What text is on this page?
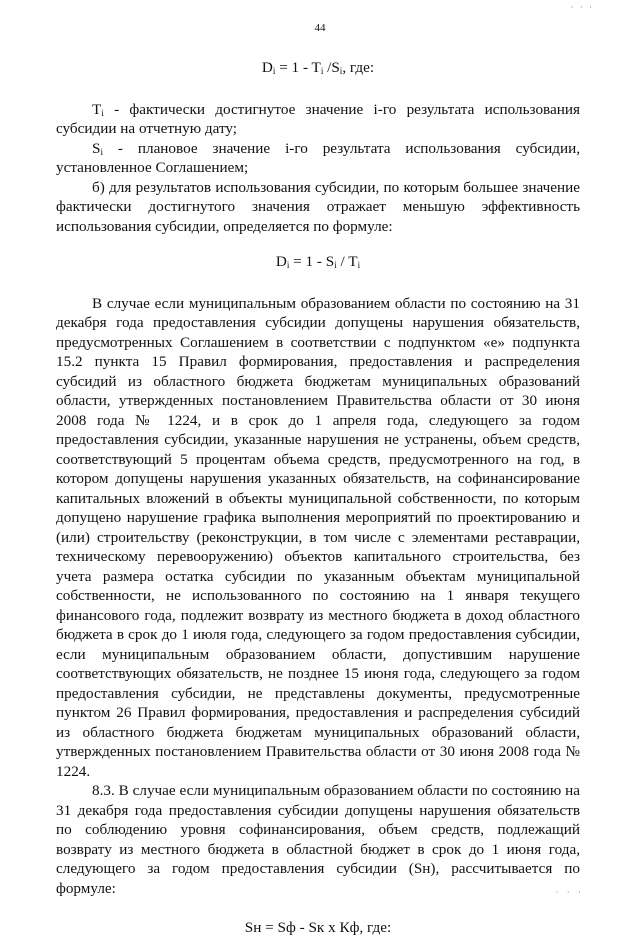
· · ·
44
$D_i = 1 - T_i$ $/S_i$, где:

$T_i$ - фактически достигнутое значение i-го результата использования субсидии на отчетную дату;

$S_i$ - плановое значение i-го результата использования субсидии, установленное Соглашением;

б) для результатов использования субсидии, по которым большее значение фактически достигнутого значения отражает меньшую эффективность использования субсидии, определяется по формуле:

$D_i = 1 - S_i / T_i$

В случае если муниципальным образованием области по состоянию на 31 декабря года предоставления субсидии допущены нарушения обязательств, предусмотренных Соглашением в соответствии с подпунктом «е» подпункта 15.2 пункта 15 Правил формирования, предоставления и распределения субсидий из областного бюджета бюджетам муниципальных образований области, утвержденных постановлением Правительства области от 30 июня 2008 года № 1224, и в срок до 1 апреля года, следующего за годом предоставления субсидии, указанные нарушения не устранены, объем средств, соответствующий 5 процентам объема средств, предусмотренного на год, в котором допущены нарушения указанных обязательств, на софинансирование капитальных вложений в объекты муниципальной собственности, по которым допущено нарушение графика выполнения мероприятий по проектированию и (или) строительству (реконструкции, в том числе с элементами реставрации, техническому перевооружению) объектов капитального строительства, без учета размера остатка субсидии по указанным объектам муниципальной собственности, не использованного по состоянию на 1 января текущего финансового года, подлежит возврату из местного бюджета в доход областного бюджета в срок до 1 июля года, следующего за годом предоставления субсидии, если муниципальным образованием области, допустившим нарушение соответствующих обязательств, не позднее 15 июня года, следующего за годом предоставления субсидии, не представлены документы, предусмотренные пунктом 26 Правил формирования, предоставления и распределения субсидий из областного бюджета бюджетам муниципальных образований области, утвержденных постановлением Правительства области от 30 июня 2008 года № 1224.

8.3. В случае если муниципальным образованием области по состоянию на 31 декабря года предоставления субсидии допущены нарушения обязательств по соблюдению уровня софинансирования, объем средств, подлежащий возврату из местного бюджета в областной бюджет в срок до 1 июня года, следующего за годом предоставления субсидии (Sн), рассчитывается по формуле:

Sн = Sф - Sк х Кф, где:
· · ·
